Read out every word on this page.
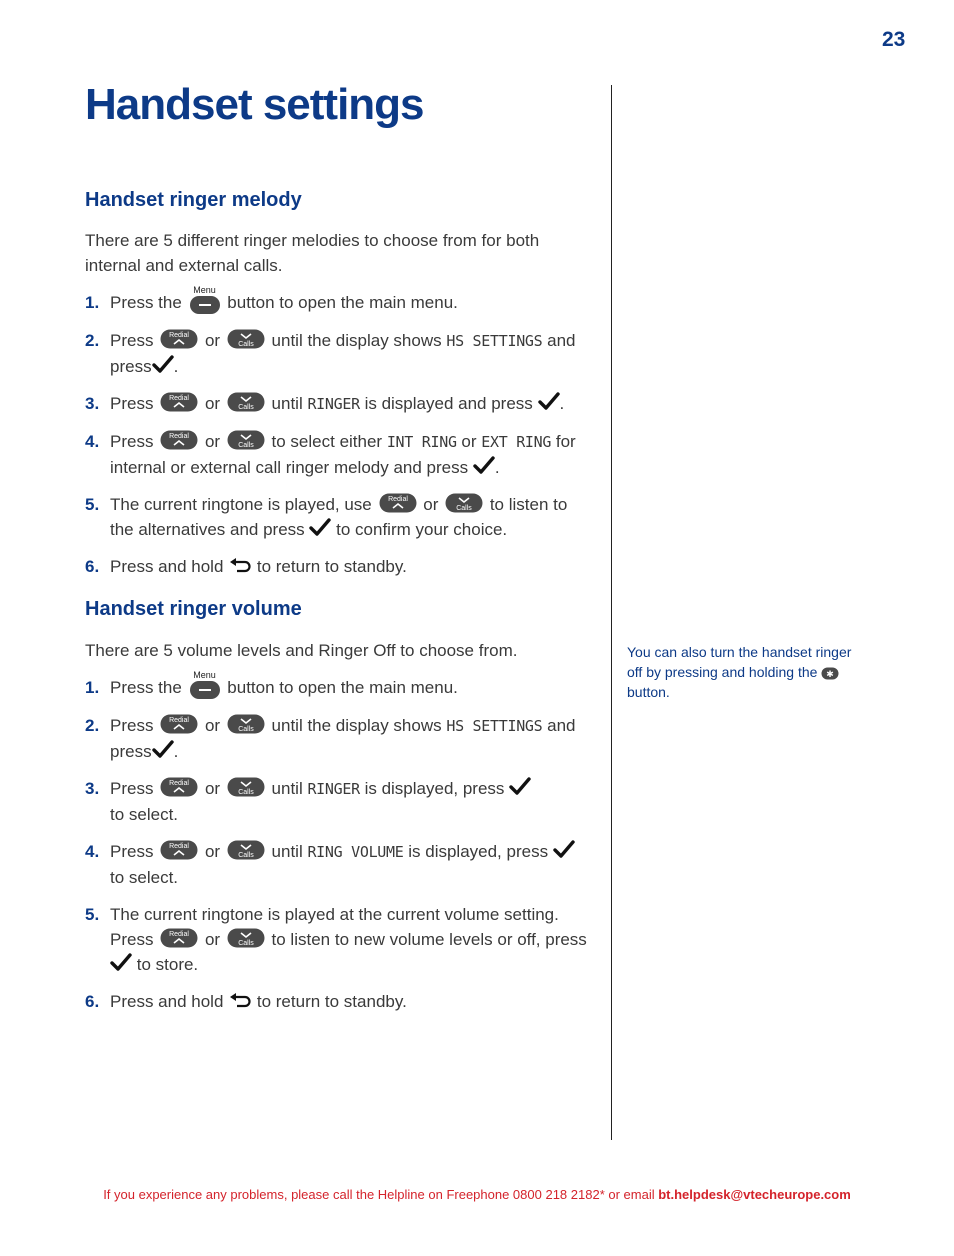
23
Handset settings
Handset ringer melody

There are 5 different ringer melodies to choose from for both internal and external calls.

1. Press the
Menu
button to open the main menu.
2. Press Redial or	Calls until the display shows HS SETTINGS and press .
3. Press Redial or	Calls until RINGER is displayed and press .
4. Press Redial or	Calls to select either INT RING or EXT RING for internal or external call ringer melody and press .
5. The current ringtone is played, use Redial or	Calls to listen to the alternatives and press to confirm your choice.
6. Press and hold to return to standby.
Handset ringer volume

There are 5 volume levels and Ringer Off to choose from.

1. Press the
Menu
button to open the main menu.
2. Press Redial or	Calls until the display shows HS SETTINGS and press .
3. Press Redial or	Calls until RINGER is displayed, press
to select.
4. Press Redial or	Calls until RING VOLUME is displayed, press
to select.
5. The current ringtone is played at the current volume setting. Press Redial or	Calls to listen to new volume levels or off, press  to store.
6. Press and hold to return to standby.

You can also turn the handset ringer off by pressing and holding the ✱
button.

If you experience any problems, please call the Helpline on Freephone 0800 218 2182* or email bt.helpdesk@vtecheurope.com
